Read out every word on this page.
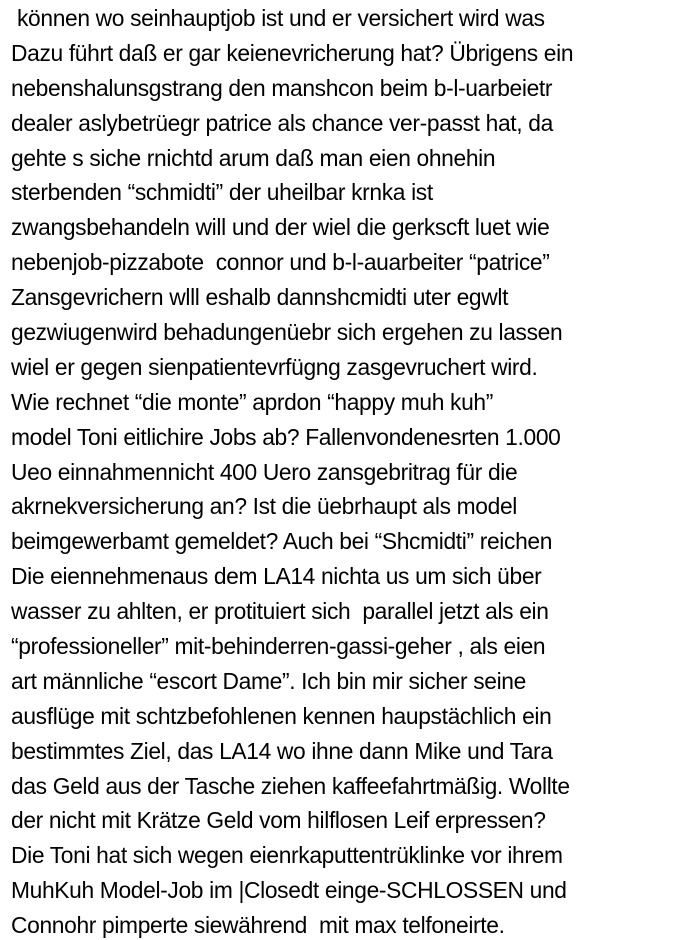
können wo seinhauptjob ist und er versichert wird was
Dazu führt daß er gar keienevricherung hat? Übrigens ein
nebenshalunsgstrang den manshcon beim b-l-uarbeietr
dealer aslybetrüegr patrice als chance ver-passt hat, da
gehte s siche rnichtd arum daß man eien ohnehin
sterbenden “schmidti” der uheilbar krnka ist
zwangsbehandeln will und der wiel die gerkscft luet wie
nebenjob-pizzabote  connor und b-l-auarbeiter “patrice”
Zansgevrichern wlll eshalb dannshcmidti uter egwlt
gezwiugenwird behadungenüebr sich ergehen zu lassen
wiel er gegen sienpatientevrfügng zasgevruchert wird.
Wie rechnet “die monte” aprdon “happy muh kuh”
model Toni eitlichire Jobs ab? Fallenvondenesrten 1.000
Ueo einnahmennicht 400 Uero zansgebritrag für die
akrnekversicherung an? Ist die üebrhaupt als model
beimgewerbamt gemeldet? Auch bei “Shcmidti” reichen
Die eiennehmenaus dem LA14 nichta us um sich über
wasser zu ahlten, er protituiert sich  parallel jetzt als ein
“professioneller” mit-behinderren-gassi-geher , als eien
art männliche “escort Dame”. Ich bin mir sicher seine
ausflüge mit schtzbefohlenen kennen haupstächlich ein
bestimmtes Ziel, das LA14 wo ihne dann Mike und Tara
das Geld aus der Tasche ziehen kaffeefahrtmäßig. Wollte
der nicht mit Krätze Geld vom hilflosen Leif erpressen?
Die Toni hat sich wegen eienrkaputtentrüklinke vor ihrem
MuhKuh Model-Job im |Closedt einge-SCHLOSSEN und
Connohr pimperte siewährend  mit max telfoneirte.
